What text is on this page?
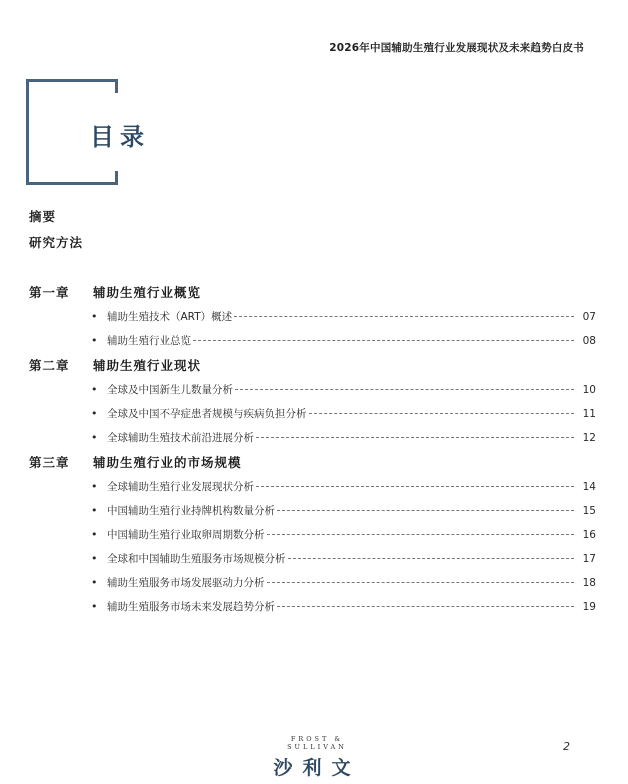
2026年中国辅助生殖行业发展现状及未来趋势白皮书
目录
摘要
研究方法
第一章 辅助生殖行业概览
• 辅助生殖技术（ART）概述	07
• 辅助生殖行业总览	08
第二章 辅助生殖行业现状
• 全球及中国新生儿数量分析	10
• 全球及中国不孕症患者规模与疾病负担分析	11
• 全球辅助生殖技术前沿进展分析	12
第三章 辅助生殖行业的市场规模
• 全球辅助生殖行业发展现状分析	14
• 中国辅助生殖行业持牌机构数量分析	15
• 中国辅助生殖行业取卵周期数分析	16
• 全球和中国辅助生殖服务市场规模分析	17
• 辅助生殖服务市场发展驱动力分析	18
• 辅助生殖服务市场未来发展趋势分析	19
FROST & SULLIVAN
沙利文
2
